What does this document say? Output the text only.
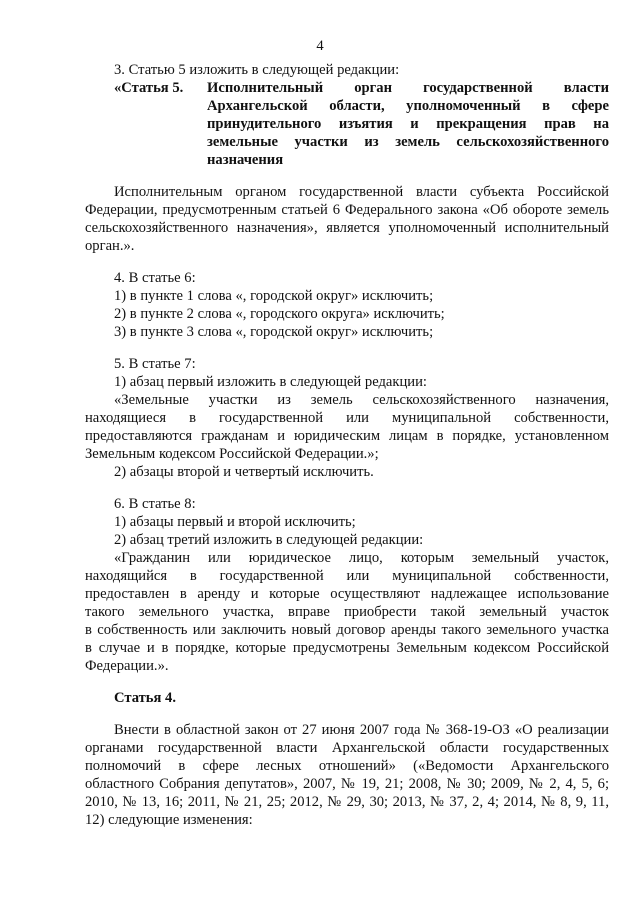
4
3. Статью 5 изложить в следующей редакции:
«Статья 5. Исполнительный орган государственной власти
Архангельской области, уполномоченный в сфере
принудительного изъятия и прекращения прав на
земельные участки из земель сельскохозяйственного
назначения
Исполнительным органом государственной власти субъекта Российской
Федерации, предусмотренным статьей 6 Федерального закона «Об обороте земель
сельскохозяйственного назначения», является уполномоченный исполнительный
орган.».
4. В статье 6:
1) в пункте 1 слова «, городской округ» исключить;
2) в пункте 2 слова «, городского округа» исключить;
3) в пункте 3 слова «, городской округ» исключить;
5. В статье 7:
1) абзац первый изложить в следующей редакции:
«Земельные участки из земель сельскохозяйственного назначения,
находящиеся в государственной или муниципальной собственности,
предоставляются гражданам и юридическим лицам в порядке, установленном
Земельным кодексом Российской Федерации.»;
2) абзацы второй и четвертый исключить.
6. В статье 8:
1) абзацы первый и второй исключить;
2) абзац третий изложить в следующей редакции:
«Гражданин или юридическое лицо, которым земельный участок,
находящийся в государственной или муниципальной собственности,
предоставлен в аренду и которые осуществляют надлежащее использование
такого земельного участка, вправе приобрести такой земельный участок
в собственность или заключить новый договор аренды такого земельного участка
в случае и в порядке, которые предусмотрены Земельным кодексом Российской
Федерации.».
Статья 4.
Внести в областной закон от 27 июня 2007 года № 368-19-ОЗ «О реализации
органами государственной власти Архангельской области государственных
полномочий в сфере лесных отношений» («Ведомости Архангельского
областного Собрания депутатов», 2007, № 19, 21; 2008, № 30; 2009, № 2, 4, 5, 6;
2010, № 13, 16; 2011, № 21, 25; 2012, № 29, 30; 2013, № 37, 2, 4; 2014, № 8, 9, 11,
12) следующие изменения:
